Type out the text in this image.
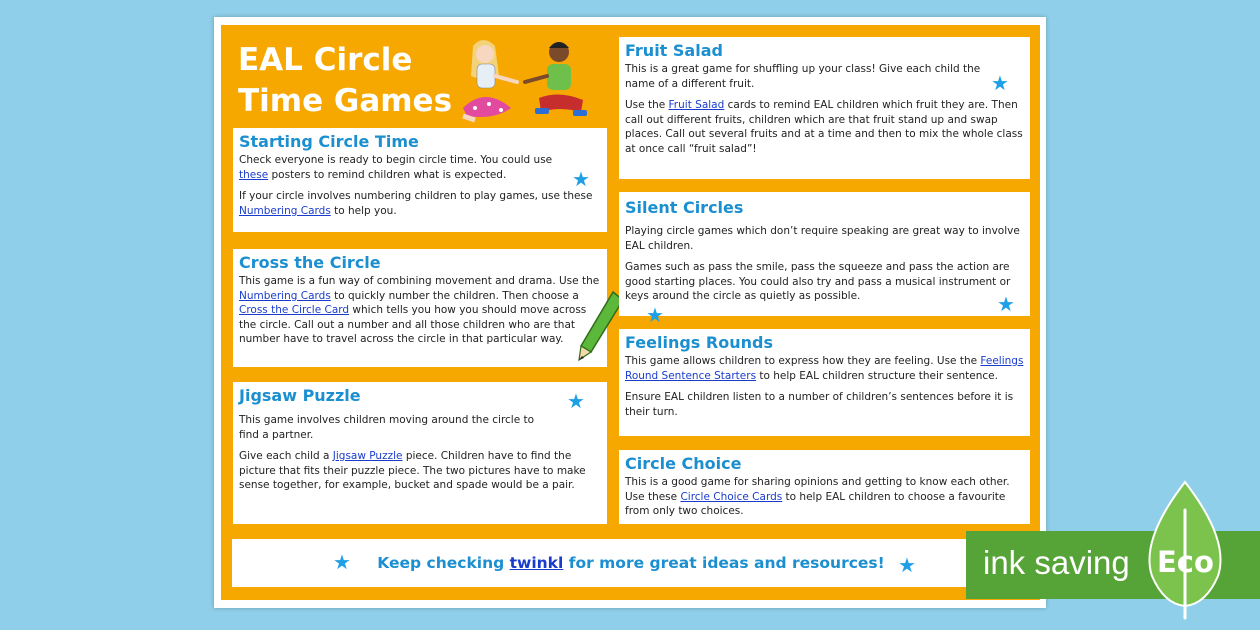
EAL Circle
Time Games
Starting Circle Time

Check everyone is ready to begin circle time. You could use
these posters to remind children what is expected.

If your circle involves numbering children to play games, use these Numbering Cards to help you.

★
Cross the Circle

This game is a fun way of combining movement and drama. Use the Numbering Cards to quickly number the children. Then choose a Cross the Circle Card which tells you how you should move across the circle. Call out a number and all those children who are that number have to travel across the circle in that particular way.

Jigsaw Puzzle

This game involves children moving around the circle to find a partner.

Give each child a Jigsaw Puzzle piece. Children have to find the picture that fits their puzzle piece. The two pictures have to make sense together, for example, bucket and spade would be a pair.

★
Fruit Salad

This is a great game for shuffling up your class! Give each child the name of a different fruit.

Use the Fruit Salad cards to remind EAL children which fruit they are. Then call out different fruits, children which are that fruit stand up and swap places. Call out several fruits and at a time and then to mix the whole class at once call “fruit salad”!

★
Silent Circles

Playing circle games which don’t require speaking are great way to involve EAL children.

Games such as pass the smile, pass the squeeze and pass the action are good starting places. You could also try and pass a musical instrument or keys around the circle as quietly as possible.	★
★
Feelings Rounds

This game allows children to express how they are feeling. Use the Feelings Round Sentence Starters to help EAL children structure their sentence.

Ensure EAL children listen to a number of children’s sentences before it is their turn.

Circle Choice

This is a good game for sharing opinions and getting to know each other. Use these Circle Choice Cards to help EAL children to choose a favourite from only two choices.

Keep checking twinkl for more great ideas and resources!
★	★ ink saving Eco
